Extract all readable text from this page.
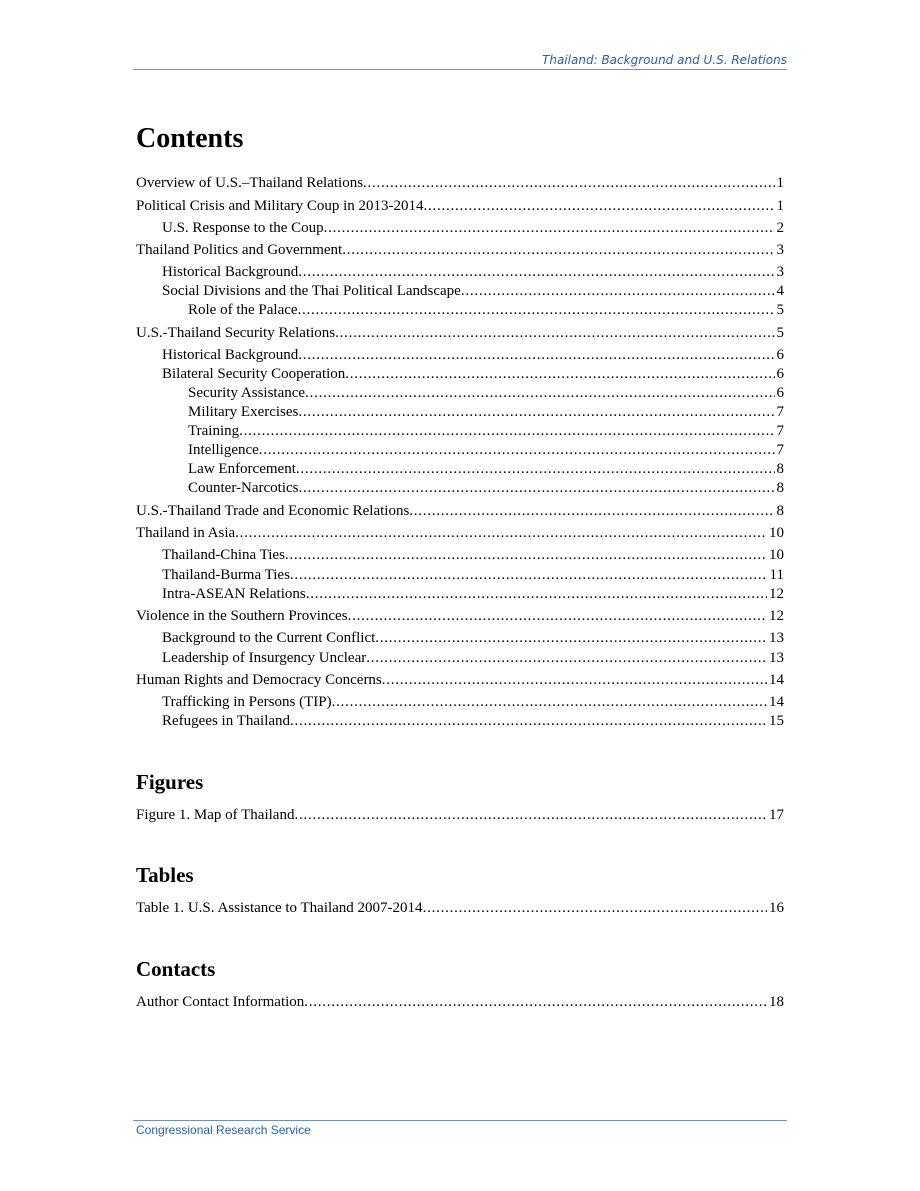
Thailand: Background and U.S. Relations
Contents
Overview of U.S.–Thailand Relations . . .	1
Political Crisis and Military Coup in 2013-2014 . . .	1
U.S. Response to the Coup . . .	2
Thailand Politics and Government . . .	3
Historical Background . . .	3
Social Divisions and the Thai Political Landscape . . .	4
Role of the Palace . . .	5
U.S.-Thailand Security Relations . . .	5
Historical Background . . .	6
Bilateral Security Cooperation . . .	6
Security Assistance . . .	6
Military Exercises . . .	7
Training . . .	7
Intelligence . . .	7
Law Enforcement . . .	8
Counter-Narcotics . . .	8
U.S.-Thailand Trade and Economic Relations . . .	8
Thailand in Asia . . .	10
Thailand-China Ties . . .	10
Thailand-Burma Ties . . .	11
Intra-ASEAN Relations . . .	12
Violence in the Southern Provinces . . .	12
Background to the Current Conflict . . .	13
Leadership of Insurgency Unclear . . .	13
Human Rights and Democracy Concerns . . .	14
Trafficking in Persons (TIP) . . .	14
Refugees in Thailand . . .	15
Figures
Figure 1. Map of Thailand . . .	17
Tables
Table 1. U.S. Assistance to Thailand 2007-2014 . . .	16
Contacts
Author Contact Information . . .	18
Congressional Research Service
